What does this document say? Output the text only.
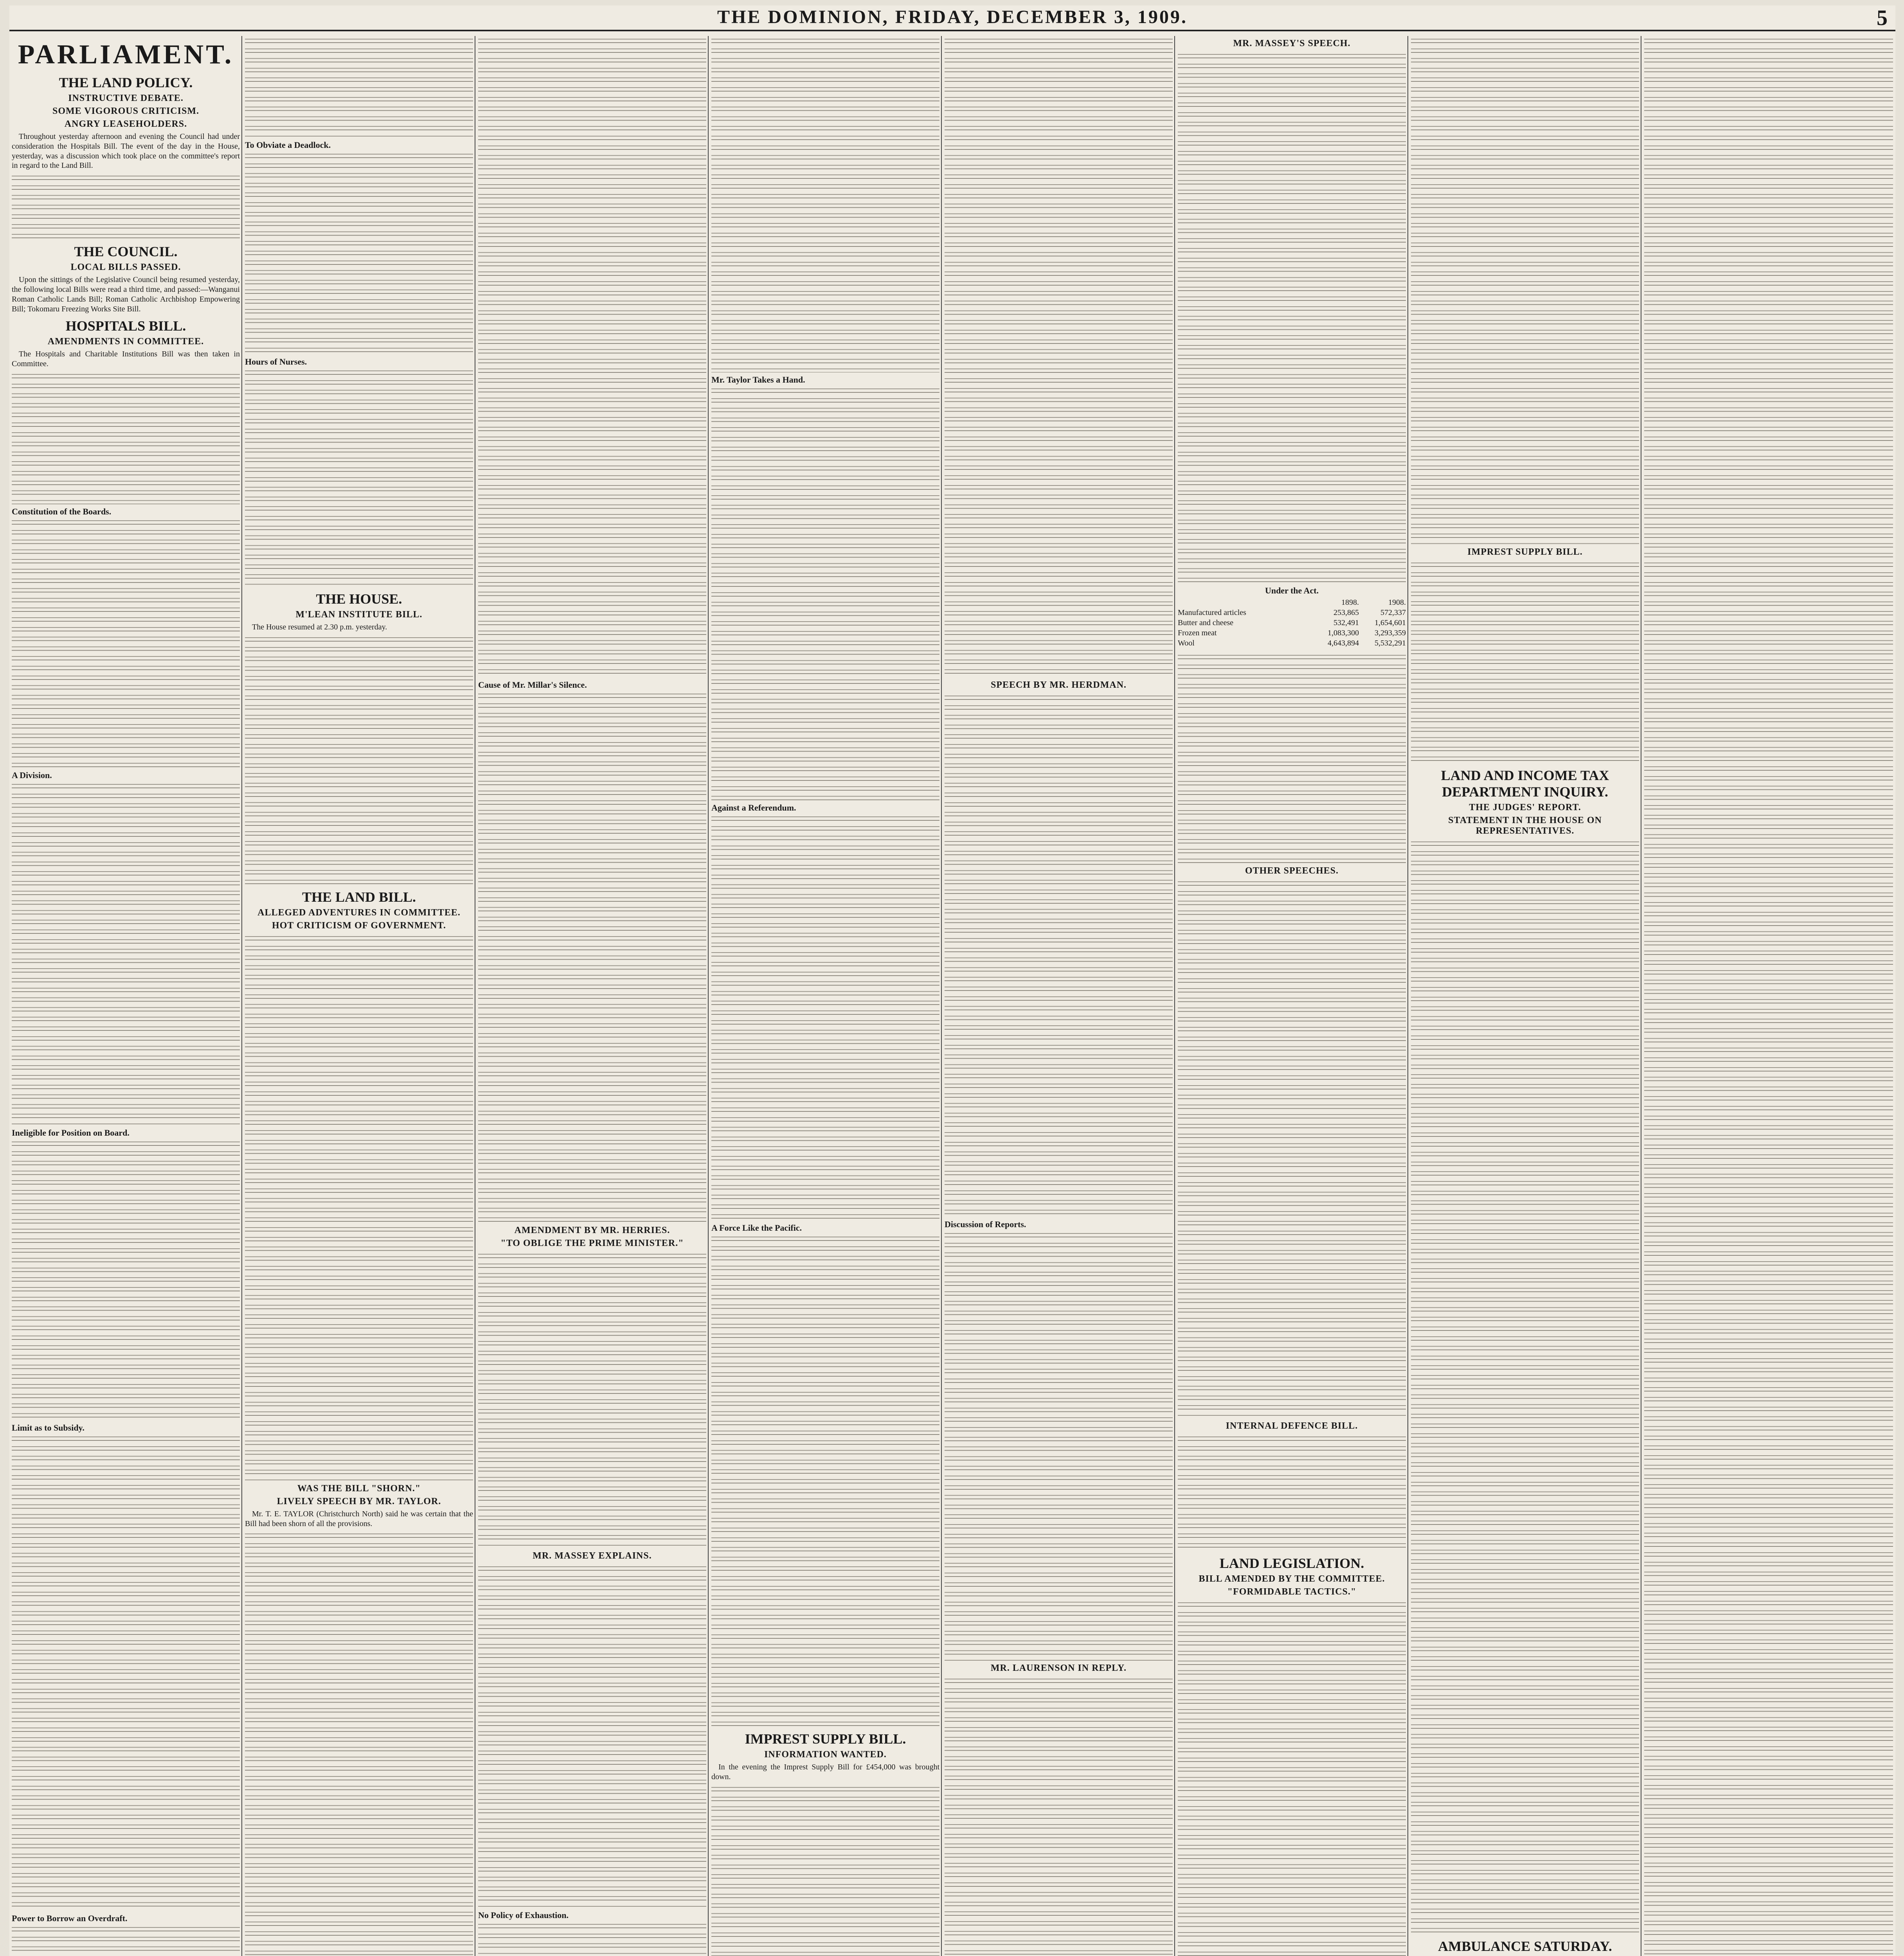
THE DOMINION, FRIDAY, DECEMBER 3, 1909.	5
PARLIAMENT.
THE LAND POLICY.
INSTRUCTIVE DEBATE.
SOME VIGOROUS CRITICISM.
ANGRY LEASEHOLDERS.
Throughout yesterday afternoon and evening the Council had under consideration the Hospitals Bill. The event of the day in the House, yesterday, was a discussion which took place on the committee's report in regard to the Land Bill.
THE COUNCIL.
LOCAL BILLS PASSED.
Upon the sittings of the Legislative Council being resumed yesterday, the following local Bills were read a third time, and passed:—Wanganui Roman Catholic Lands Bill; Roman Catholic Archbishop Empowering Bill; Tokomaru Freezing Works Site Bill.
HOSPITALS BILL.
AMENDMENTS IN COMMITTEE.
The Hospitals and Charitable Institutions Bill was then taken in Committee.
Constitution of the Boards.
A Division.
Ineligible for Position on Board.
Limit as to Subsidy.
Power to Borrow an Overdraft.
To Obviate a Deadlock.
Hours of Nurses.
THE HOUSE.
M'LEAN INSTITUTE BILL.
The House resumed at 2.30 p.m. yesterday.
THE LAND BILL.
ALLEGED ADVENTURES IN COMMITTEE.
HOT CRITICISM OF GOVERNMENT.
WAS THE BILL "SHORN."
LIVELY SPEECH BY MR. TAYLOR.
Mr. T. E. TAYLOR (Christchurch North) said he was certain that the Bill had been shorn of all the provisions.
Cause of Mr. Millar's Silence.
AMENDMENT BY MR. HERRIES.
"TO OBLIGE THE PRIME MINISTER."
MR. MASSEY EXPLAINS.
No Policy of Exhaustion.
Mr. Taylor Takes a Hand.
Against a Referendum.
A Force Like the Pacific.
IMPREST SUPPLY BILL.
INFORMATION WANTED.
In the evening the Imprest Supply Bill for £454,000 was brought down.
SPEECH BY MR. HERDMAN.
Discussion of Reports.
MR. LAURENSON IN REPLY.
MR. MASSEY'S SPEECH.
Under the Act.
1898.	1908.
Manufactured articles	253,865	572,337
Butter and cheese	532,491	1,654,601
Frozen meat	1,083,300	3,293,359
Wool	4,643,894	5,532,291
OTHER SPEECHES.
INTERNAL DEFENCE BILL.
LAND LEGISLATION.
BILL AMENDED BY THE COMMITTEE.
"FORMIDABLE TACTICS."
IMPREST SUPPLY BILL.
LAND AND INCOME TAX DEPARTMENT INQUIRY.
THE JUDGES' REPORT.
STATEMENT IN THE HOUSE ON REPRESENTATIVES.
AMBULANCE SATURDAY.
